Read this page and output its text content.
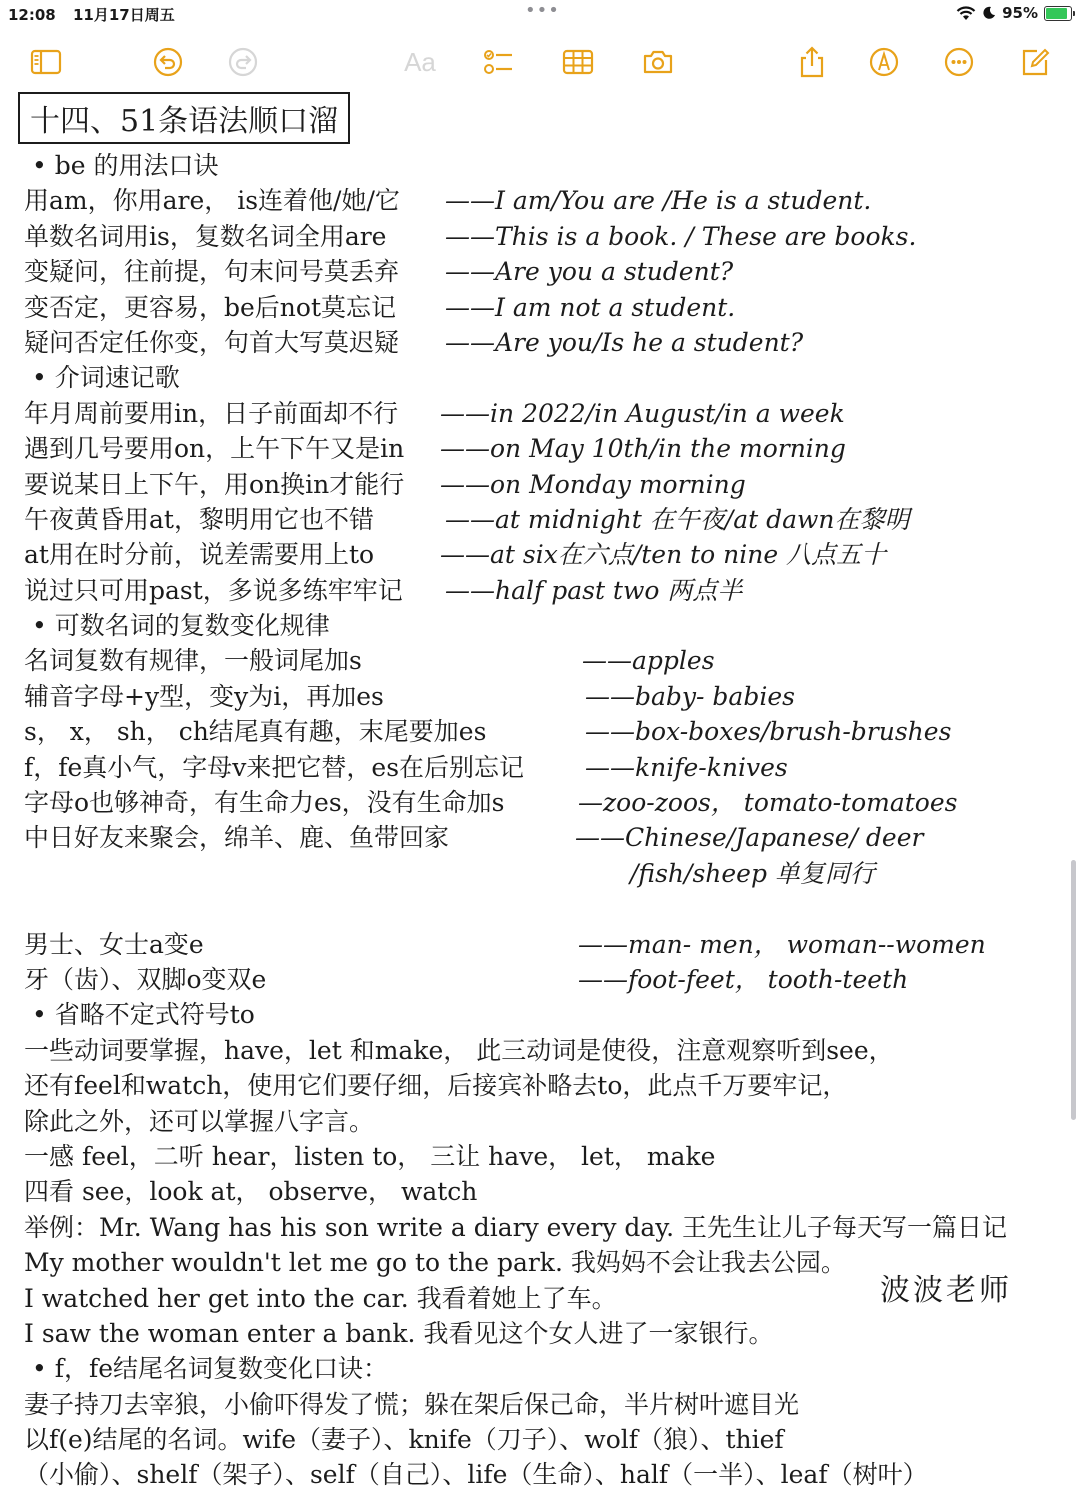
12:08 11月17日周五	•••	95%
Aa
十四、51条语法顺口溜
• be 的用法口诀
用am，你用are， is连着他/她/它 ——I am/You are /He is a student.
单数名词用is，复数名词全用are ——This is a book. / These are books.
变疑问，往前提，句末问号莫丢弃 ——Are you a student?
变否定，更容易，be后not莫忘记 ——I am not a student.
疑问否定任你变，句首大写莫迟疑 ——Are you/Is he a student?
• 介词速记歌
年月周前要用in，日子前面却不行 ——in 2022/in August/in a week
遇到几号要用on，上午下午又是in ——on May 10th/in the morning
要说某日上下午，用on换in才能行 ——on Monday morning
午夜黄昏用at，黎明用它也不错	——at midnight 在午夜/at dawn在黎明
at用在时分前，说差需要用上to	——at six在六点/ten to nine 八点五十
说过只可用past，多说多练牢牢记 ——half past two 两点半
• 可数名词的复数变化规律
名词复数有规律，一般词尾加s	——apples
辅音字母+y型，变y为i，再加es	——baby- babies
s， x， sh， ch结尾真有趣，末尾要加es	——box-boxes/brush-brushes
f，fe真小气，字母v来把它替，es在后别忘记 ——knife-knives
字母o也够神奇，有生命力es，没有生命加s	—zoo-zoos， tomato-tomatoes
中日好友来聚会，绵羊、鹿、鱼带回家	——Chinese/Japanese/ deer
/fish/sheep 单复同行
男士、女士a变e	——man- men， woman--women
牙（齿）、双脚o变双e	——foot-feet， tooth-teeth
• 省略不定式符号to
一些动词要掌握，have，let 和make， 此三动词是使役，注意观察听到see，
还有feel和watch，使用它们要仔细，后接宾补略去to，此点千万要牢记，
除此之外，还可以掌握八字言。
一感 feel，二听 hear，listen to， 三让 have， let， make
四看 see，look at， observe， watch
举例：Mr. Wang has his son write a diary every day. 王先生让儿子每天写一篇日记
My mother wouldn't let me go to the park. 我妈妈不会让我去公园。
I watched her get into the car. 我看着她上了车。
I saw the woman enter a bank. 我看见这个女人进了一家银行。
• f，fe结尾名词复数变化口诀：
妻子持刀去宰狼，小偷吓得发了慌；躲在架后保己命，半片树叶遮目光
以f(e)结尾的名词。wife（妻子）、knife（刀子）、wolf（狼）、thief
（小偷）、shelf（架子）、self（自己）、life（生命）、half（一半）、leaf（树叶）
波波老师
